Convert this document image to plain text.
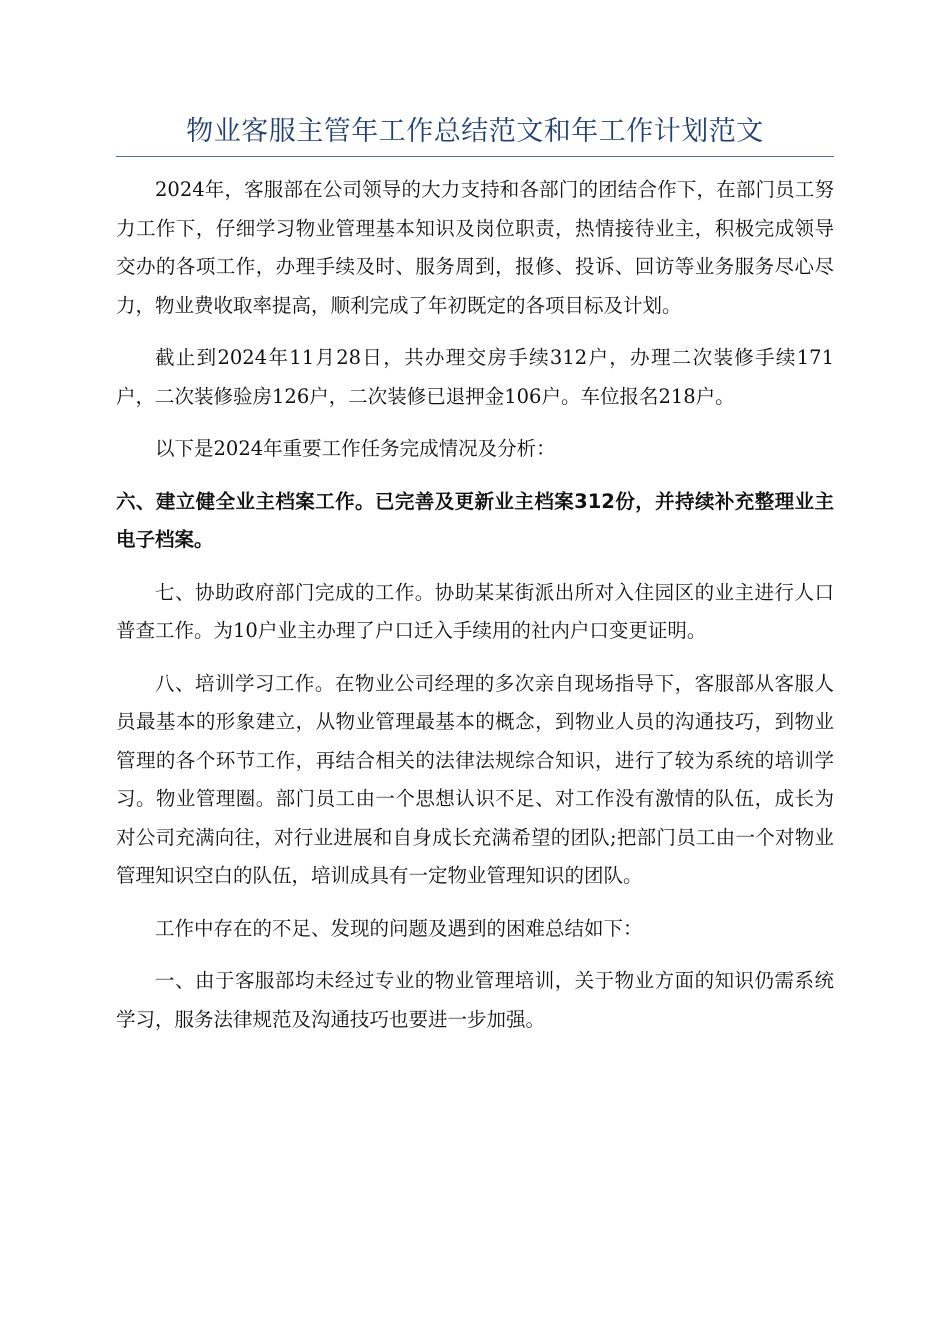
物业客服主管年工作总结范文和年工作计划范文

2024年，客服部在公司领导的大力支持和各部门的团结合作下，在部门员工努力工作下，仔细学习物业管理基本知识及岗位职责，热情接待业主，积极完成领导交办的各项工作，办理手续及时、服务周到，报修、投诉、回访等业务服务尽心尽力，物业费收取率提高，顺利完成了年初既定的各项目标及计划。

截止到2024年11月28日，共办理交房手续312户，办理二次装修手续171户，二次装修验房126户，二次装修已退押金106户。车位报名218户。

以下是2024年重要工作任务完成情况及分析：

六、建立健全业主档案工作。已完善及更新业主档案312份，并持续补充整理业主电子档案。

七、协助政府部门完成的工作。协助某某街派出所对入住园区的业主进行人口普查工作。为10户业主办理了户口迁入手续用的社内户口变更证明。

八、培训学习工作。在物业公司经理的多次亲自现场指导下，客服部从客服人员最基本的形象建立，从物业管理最基本的概念，到物业人员的沟通技巧，到物业管理的各个环节工作，再结合相关的法律法规综合知识，进行了较为系统的培训学习。物业管理圈。部门员工由一个思想认识不足、对工作没有激情的队伍，成长为对公司充满向往，对行业进展和自身成长充满希望的团队;把部门员工由一个对物业管理知识空白的队伍，培训成具有一定物业管理知识的团队。

工作中存在的不足、发现的问题及遇到的困难总结如下：

一、由于客服部均未经过专业的物业管理培训，关于物业方面的知识仍需系统学习，服务法律规范及沟通技巧也要进一步加强。
